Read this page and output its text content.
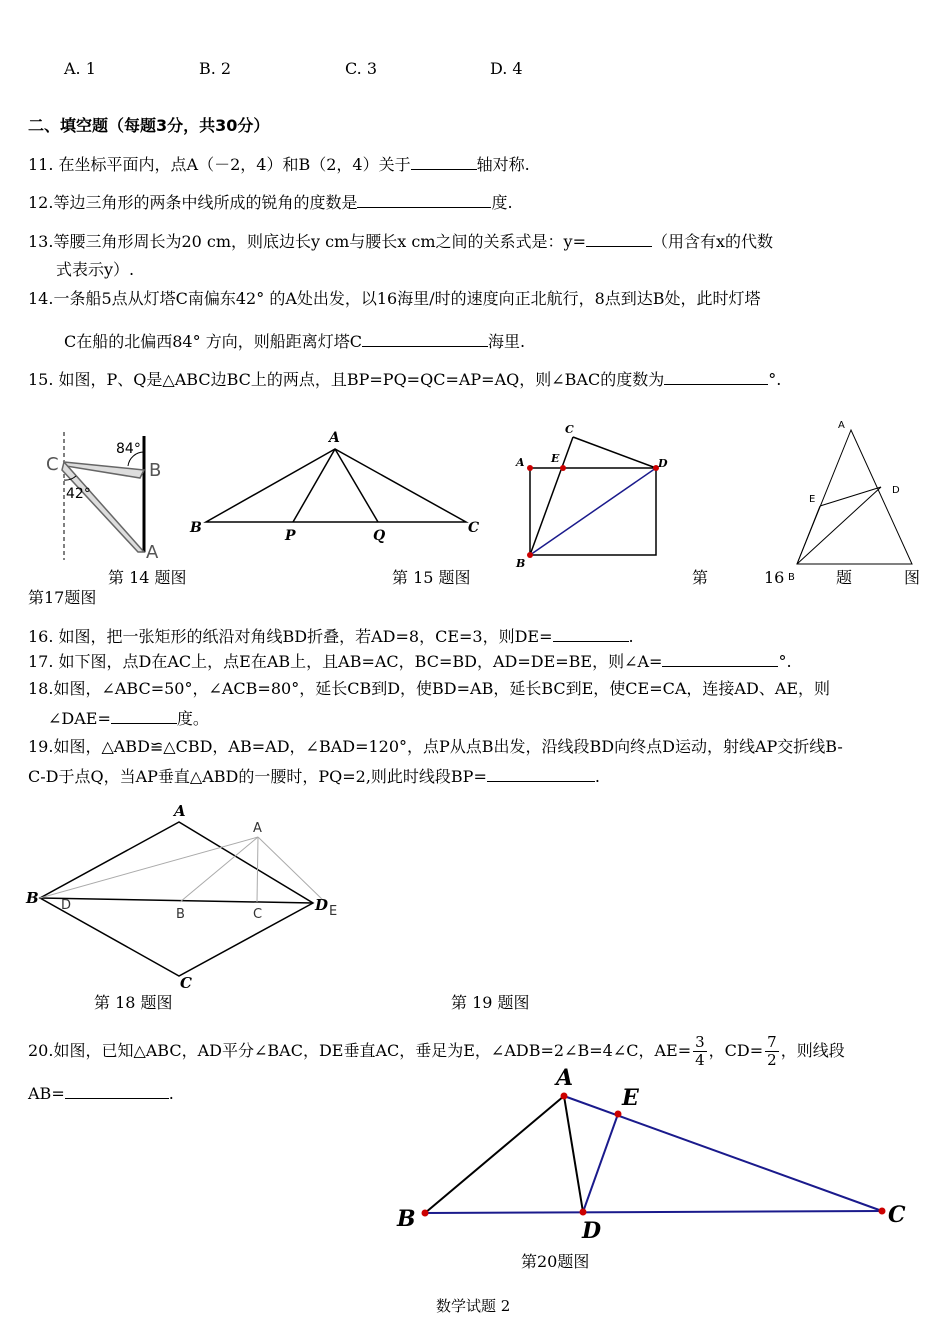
A. 1	B. 2	C. 3	D. 4
二、填空题（每题3分，共30分）
11. 在坐标平面内，点A（－2，4）和B（2，4）关于	轴对称.
12.等边三角形的两条中线所成的锐角的度数是	度.
13.等腰三角形周长为20 cm，则底边长y cm与腰长x cm之间的关系式是：y=	（用含有x的代数
式表示y）.
14.一条船5点从灯塔C南偏东42° 的A处出发，以16海里/时的速度向正北航行，8点到达B处，此时灯塔
C在船的北偏西84° 方向，则船距离灯塔C	海里.
15. 如图，P、Q是△ABC边BC上的两点，且BP=PQ=QC=AP=AQ，则∠BAC的度数为	°.
84°
42°
C	B
A
A
B	C
P	Q
C
A E	D
B
A
E
D
B
第 14 题图	第 15 题图	第	16	题	图
第17题图
16. 如图，把一张矩形的纸沿对角线BD折叠，若AD=8，CE=3，则DE=	.
17. 如下图，点D在AC上，点E在AB上，且AB=AC，BC=BD，AD=DE=BE，则∠A=	°.
18.如图，∠ABC=50°，∠ACB=80°，延长CB到D，使BD=AB，延长BC到E，使CE=CA，连接AD、AE，则
∠DAE=	度。
19.如图，△ABD≌△CBD，AB=AD，∠BAD=120°，点P从点B出发，沿线段BD向终点D运动，射线AP交折线B-
C-D于点Q，当AP垂直△ABD的一腰时，PQ=2,则此时线段BP=	.
A
B
C
D
A
D
B	C	E
第 18 题图	第 19 题图
20.如图，已知△ABC，AD平分∠BAC，DE垂直AC，垂足为E，∠ADB=2∠B=4∠C，$AE= \frac{3}{4}$ ，$CD= \frac{7}{2}$ ，则线段
AB=	.
A
E
B	D
C
第20题图
数学试题 2
